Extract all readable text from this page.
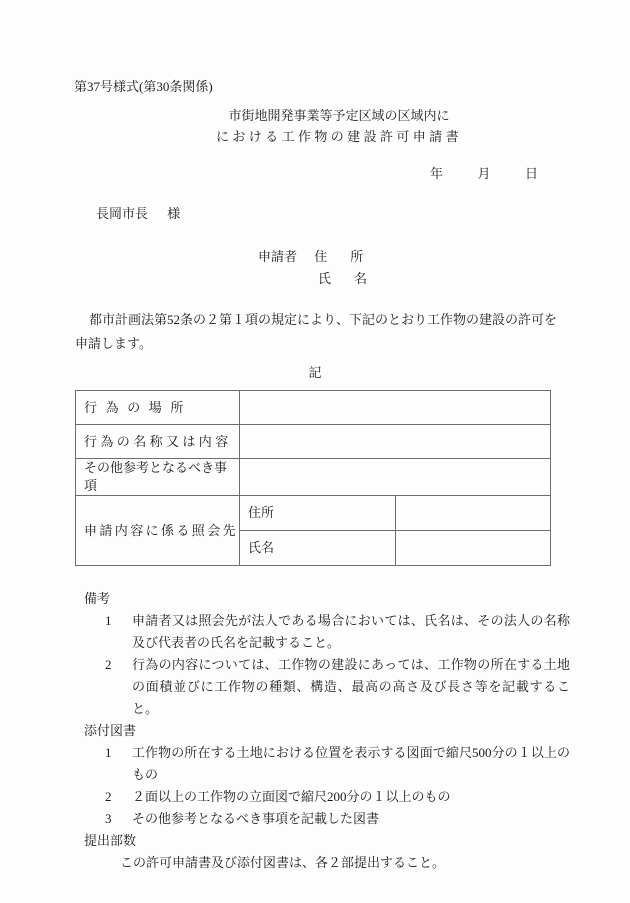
第37号様式(第30条関係)
市街地開発事業等予定区域の区域内に
における工作物の建設許可申請書
年	月	日
長岡市長 様
申請者 住　所
氏　名
都市計画法第52条の２第１項の規定により、下記のとおり工作物の建設の許可を申請します。
記
行為の場所		
行為の名称又は内容		
その他参考となるべき事項		
申請内容に係る照会先	住所	
	氏名	
備考
1	申請者又は照会先が法人である場合においては、氏名は、その法人の名称及び代表者の氏名を記載すること。
2	行為の内容については、工作物の建設にあっては、工作物の所在する土地の面積並びに工作物の種類、構造、最高の高さ及び長さ等を記載すること。
添付図書
1	工作物の所在する土地における位置を表示する図面で縮尺500分の１以上のもの
2	２面以上の工作物の立面図で縮尺200分の１以上のもの
3	その他参考となるべき事項を記載した図書
提出部数
この許可申請書及び添付図書は、各２部提出すること。
